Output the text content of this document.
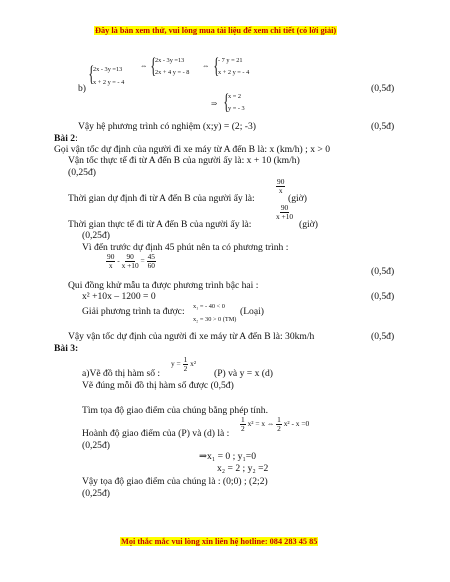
Đây là bản xem thử, vui lòng mua tài liệu để xem chi tiết (có lời giải)
b)
{
2x - 3y =13
x + 2 y = - 4
⇔ {
2x - 3y =13
2x + 4 y = - 8
⇔ {
- 7 y = 21
x + 2 y = - 4
⇒ {
x = 2
y = - 3
(0,5đ)
Vậy hệ phương trình có nghiệm (x;y) = (2; -3)	(0,5đ)
Bài 2:
Gọi vận tốc dự định của người đi xe máy từ A đến B là: x (km/h) ; x > 0
Vận tốc thực tế đi từ A đến B của người ấy là: x + 10 (km/h)
(0,25đ)
Thời gian dự định đi từ A đến B của người ấy là:
$\frac{90}{x}$
(giờ)
Thời gian thực tế đi từ A đến B của người ấy là:
$\frac{90}{x +10}$
(giờ)
(0,25đ)
Vì đến trước dự định 45 phút nên ta có phương trình :
$\frac{90}{x} - \frac{90}{x +10} = \frac{45}{60}$
(0,5đ)
Qui đồng khử mẫu ta được phương trình bậc hai :
x² +10x – 1200 = 0	(0,5đ)
Giải phương trình ta được: x₁ = - 40 < 0 (Loại)
x₂ = 30 > 0 (TM)
Vậy vận tốc dự định của người đi xe máy từ A đến B là: 30km/h	(0,5đ)
Bài 3:
a)Vẽ đồ thị hàm số :
$y = \frac{1}{2} x^2$
(P) và y = x (d)
Vẽ đúng mỗi đồ thị hàm số được (0,5đ)
Tìm tọa độ giao điểm của chúng bằng phép tính.
Hoành độ giao điểm của (P) và (d) là :
$\frac{1}{2} x^2 = x$ ⇔ $\frac{1}{2} x^2 - x =0$
(0,25đ)
⇒x₁ = 0 ; y₁=0
x₂ = 2 ; y₂ =2
Vậy tọa độ giao điểm của chúng là : (0;0) ; (2;2)
(0,25đ)
Mọi thắc mắc vui lòng xin liên hệ hotline: 084 283 45 85
